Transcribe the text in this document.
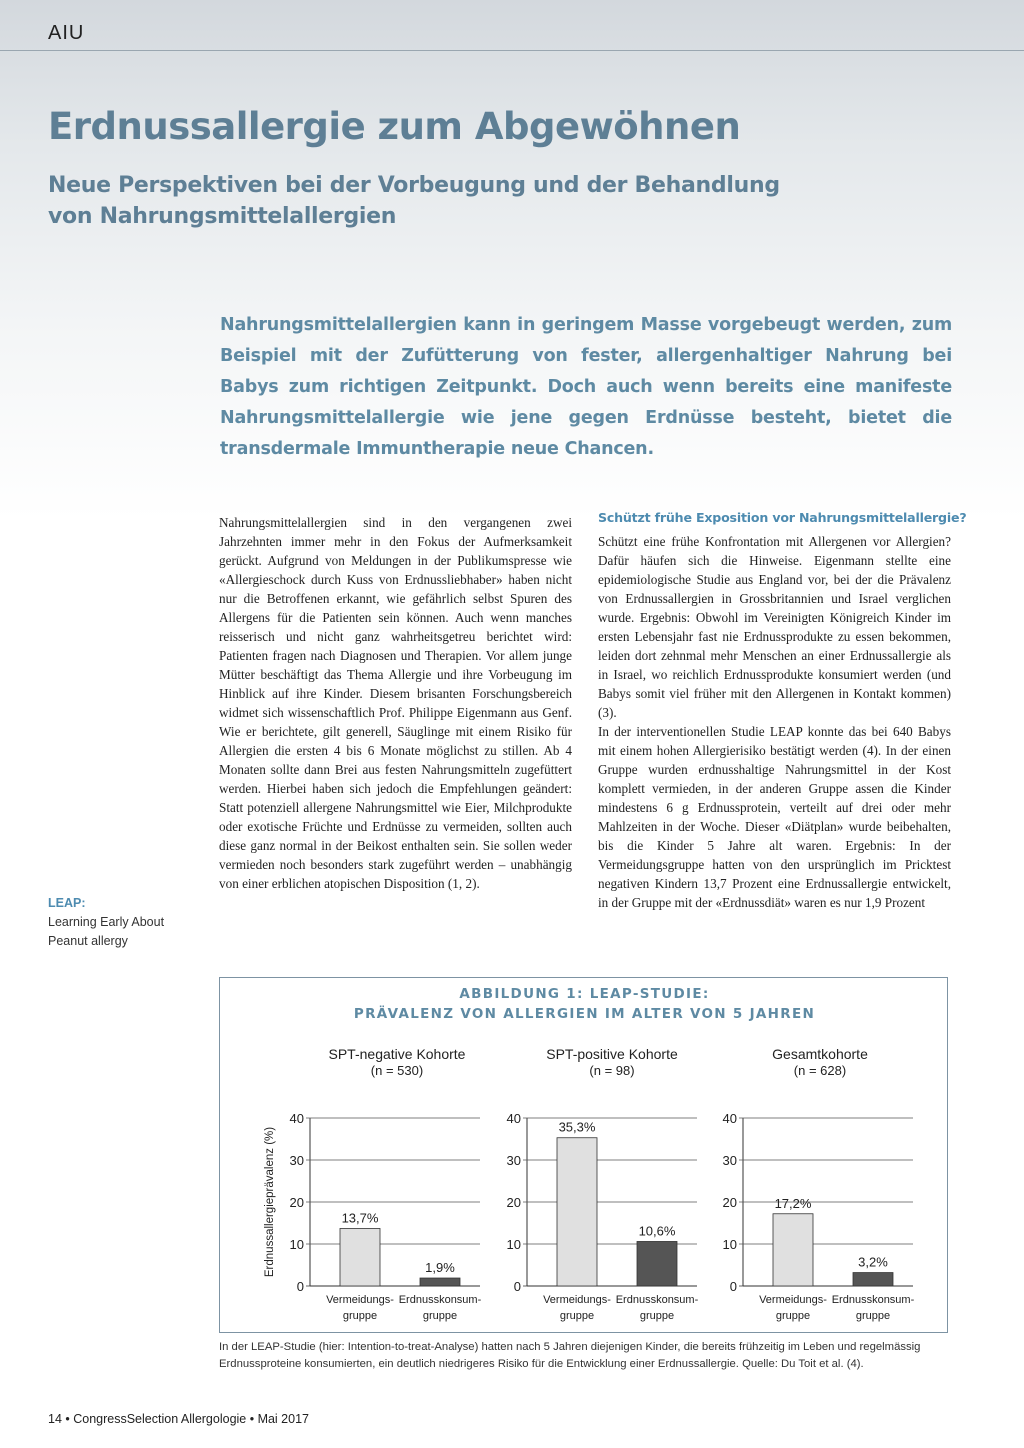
AIU
Erdnussallergie zum Abgewöhnen
Neue Perspektiven bei der Vorbeugung und der Behandlung von Nahrungsmittelallergien

Nahrungsmittelallergien kann in geringem Masse vorgebeugt werden, zum Beispiel mit der Zufütterung von fester, allergenhaltiger Nahrung bei Babys zum richtigen Zeitpunkt. Doch auch wenn bereits eine manifeste Nahrungsmittelallergie wie jene gegen Erdnüsse besteht, bietet die transdermale Immuntherapie neue Chancen.

Nahrungsmittelallergien sind in den vergangenen zwei Jahrzehnten immer mehr in den Fokus der Aufmerksamkeit gerückt. Aufgrund von Meldungen in der Publikumspresse wie «Allergieschock durch Kuss von Erdnussliebhaber» haben nicht nur die Betroffenen erkannt, wie gefährlich selbst Spuren des Allergens für die Patienten sein können. Auch wenn manches reisserisch und nicht ganz wahrheitsgetreu berichtet wird: Patienten fragen nach Diagnosen und Therapien. Vor allem junge Mütter beschäftigt das Thema Allergie und ihre Vorbeugung im Hinblick auf ihre Kinder. Diesem brisanten Forschungsbereich widmet sich wissenschaftlich Prof. Philippe Eigenmann aus Genf. Wie er berichtete, gilt generell, Säuglinge mit einem Risiko für Allergien die ersten 4 bis 6 Monate möglichst zu stillen. Ab 4 Monaten sollte dann Brei aus festen Nahrungsmitteln zugefüttert werden. Hierbei haben sich jedoch die Empfehlungen geändert: Statt potenziell allergene Nahrungsmittel wie Eier, Milchprodukte oder exotische Früchte und Erdnüsse zu vermeiden, sollten auch diese ganz normal in der Beikost enthalten sein. Sie sollen weder vermieden noch besonders stark zugeführt werden – unabhängig von einer erblichen atopischen Disposition (1, 2).

Schützt frühe Exposition vor Nahrungsmittelallergie?

Schützt eine frühe Konfrontation mit Allergenen vor Allergien? Dafür häufen sich die Hinweise. Eigenmann stellte eine epidemiologische Studie aus England vor, bei der die Prävalenz von Erdnussallergien in Grossbritannien und Israel verglichen wurde. Ergebnis: Obwohl im Vereinigten Königreich Kinder im ersten Lebensjahr fast nie Erdnussprodukte zu essen bekommen, leiden dort zehnmal mehr Menschen an einer Erdnussallergie als in Israel, wo reichlich Erdnussprodukte konsumiert werden (und Babys somit viel früher mit den Allergenen in Kontakt kommen) (3).

In der interventionellen Studie LEAP konnte das bei 640 Babys mit einem hohen Allergierisiko bestätigt werden (4). In der einen Gruppe wurden erdnusshaltige Nahrungsmittel in der Kost komplett vermieden, in der anderen Gruppe assen die Kinder mindestens 6 g Erdnussprotein, verteilt auf drei oder mehr Mahlzeiten in der Woche. Dieser «Diätplan» wurde beibehalten, bis die Kinder 5 Jahre alt waren. Ergebnis: In der Vermeidungsgruppe hatten von den ursprünglich im Pricktest negativen Kindern 13,7 Prozent eine Erdnussallergie entwickelt, in der Gruppe mit der «Erdnussdiät» waren es nur 1,9 Prozent

LEAP:
Learning Early About
Peanut allergy
ABBILDUNG 1: LEAP-STUDIE:
PRÄVALENZ VON ALLERGIEN IM ALTER VON 5 JAHREN
SPT-negative Kohorte
(n = 530)
0
10
20
30
40
13,7%
Vermeidungs-
gruppe
1,9%
Erdnusskonsum-
gruppe
Erdnussallergieprävalenz (%)
SPT-positive Kohorte
(n = 98)
0
10
20
30
40
35,3%
Vermeidungs-
gruppe
10,6%
Erdnusskonsum-
gruppe
Gesamtkohorte
(n = 628)
0
10
20
30
40
17,2%
Vermeidungs-
gruppe
3,2%
Erdnusskonsum-
gruppe

In der LEAP-Studie (hier: Intention-to-treat-Analyse) hatten nach 5 Jahren diejenigen Kinder, die bereits frühzeitig im Leben und regelmässig Erdnussproteine konsumierten, ein deutlich niedrigeres Risiko für die Entwicklung einer Erdnussallergie. Quelle: Du Toit et al. (4).

14 • CongressSelection Allergologie • Mai 2017
